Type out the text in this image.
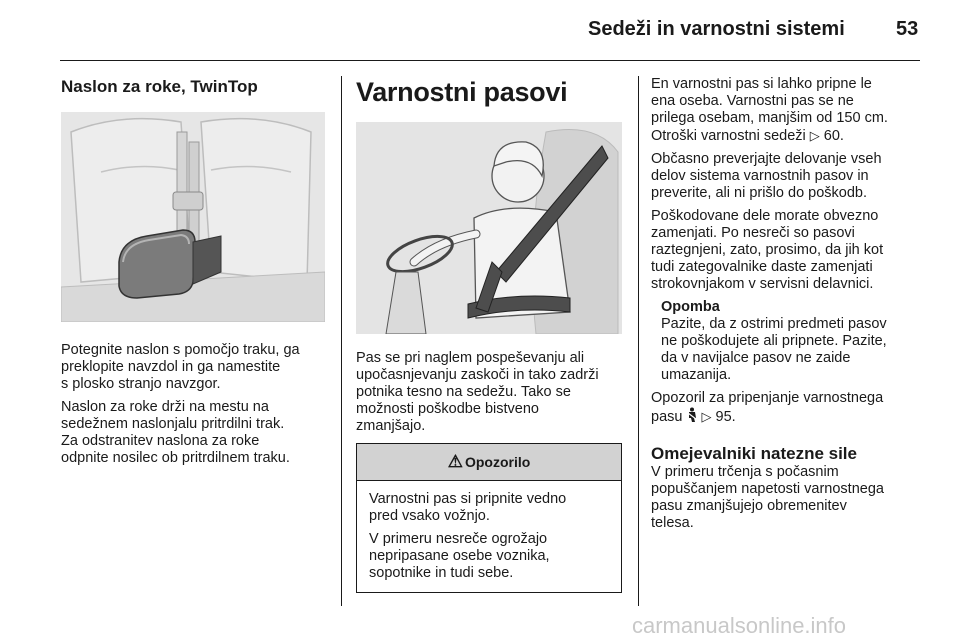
Sedeži in varnostni sistemi	53
Naslon za roke, TwinTop

Potegnite naslon s pomočjo traku, ga
preklopite navzdol in ga namestite
s plosko stranjo navzgor.

Naslon za roke drži na mestu na
sedežnem naslonjalu pritrdilni trak.
Za odstranitev naslona za roke
odpnite nosilec ob pritrdilnem traku.

Varnostni pasovi

Pas se pri naglem pospeševanju ali
upočasnjevanju zaskoči in tako zadrži
potnika tesno na sedežu. Tako se
možnosti poškodbe bistveno
zmanjšajo.

⚠ Opozorilo

Varnostni pas si pripnite vedno
pred vsako vožnjo.

V primeru nesreče ogrožajo
nepripasane osebe voznika,
sopotnike in tudi sebe.

En varnostni pas si lahko pripne le
ena oseba. Varnostni pas se ne
prilega osebam, manjšim od 150 cm.
Otroški varnostni sedeži ▷ 60.

Občasno preverjajte delovanje vseh
delov sistema varnostnih pasov in
preverite, ali ni prišlo do poškodb.

Poškodovane dele morate obvezno
zamenjati. Po nesreči so pasovi
raztegnjeni, zato, prosimo, da jih kot
tudi zategovalnike daste zamenjati
strokovnjakom v servisni delavnici.

Opomba

Pazite, da z ostrimi predmeti pasov
ne poškodujete ali pripnete. Pazite,
da v navijalce pasov ne zaide
umazanija.

Opozoril za pripenjanje varnostnega
pasu ▷ 95.

Omejevalniki natezne sile

V primeru trčenja s počasnim
popuščanjem napetosti varnostnega
pasu zmanjšujejo obremenitev
telesa.

carmanualsonline.info
